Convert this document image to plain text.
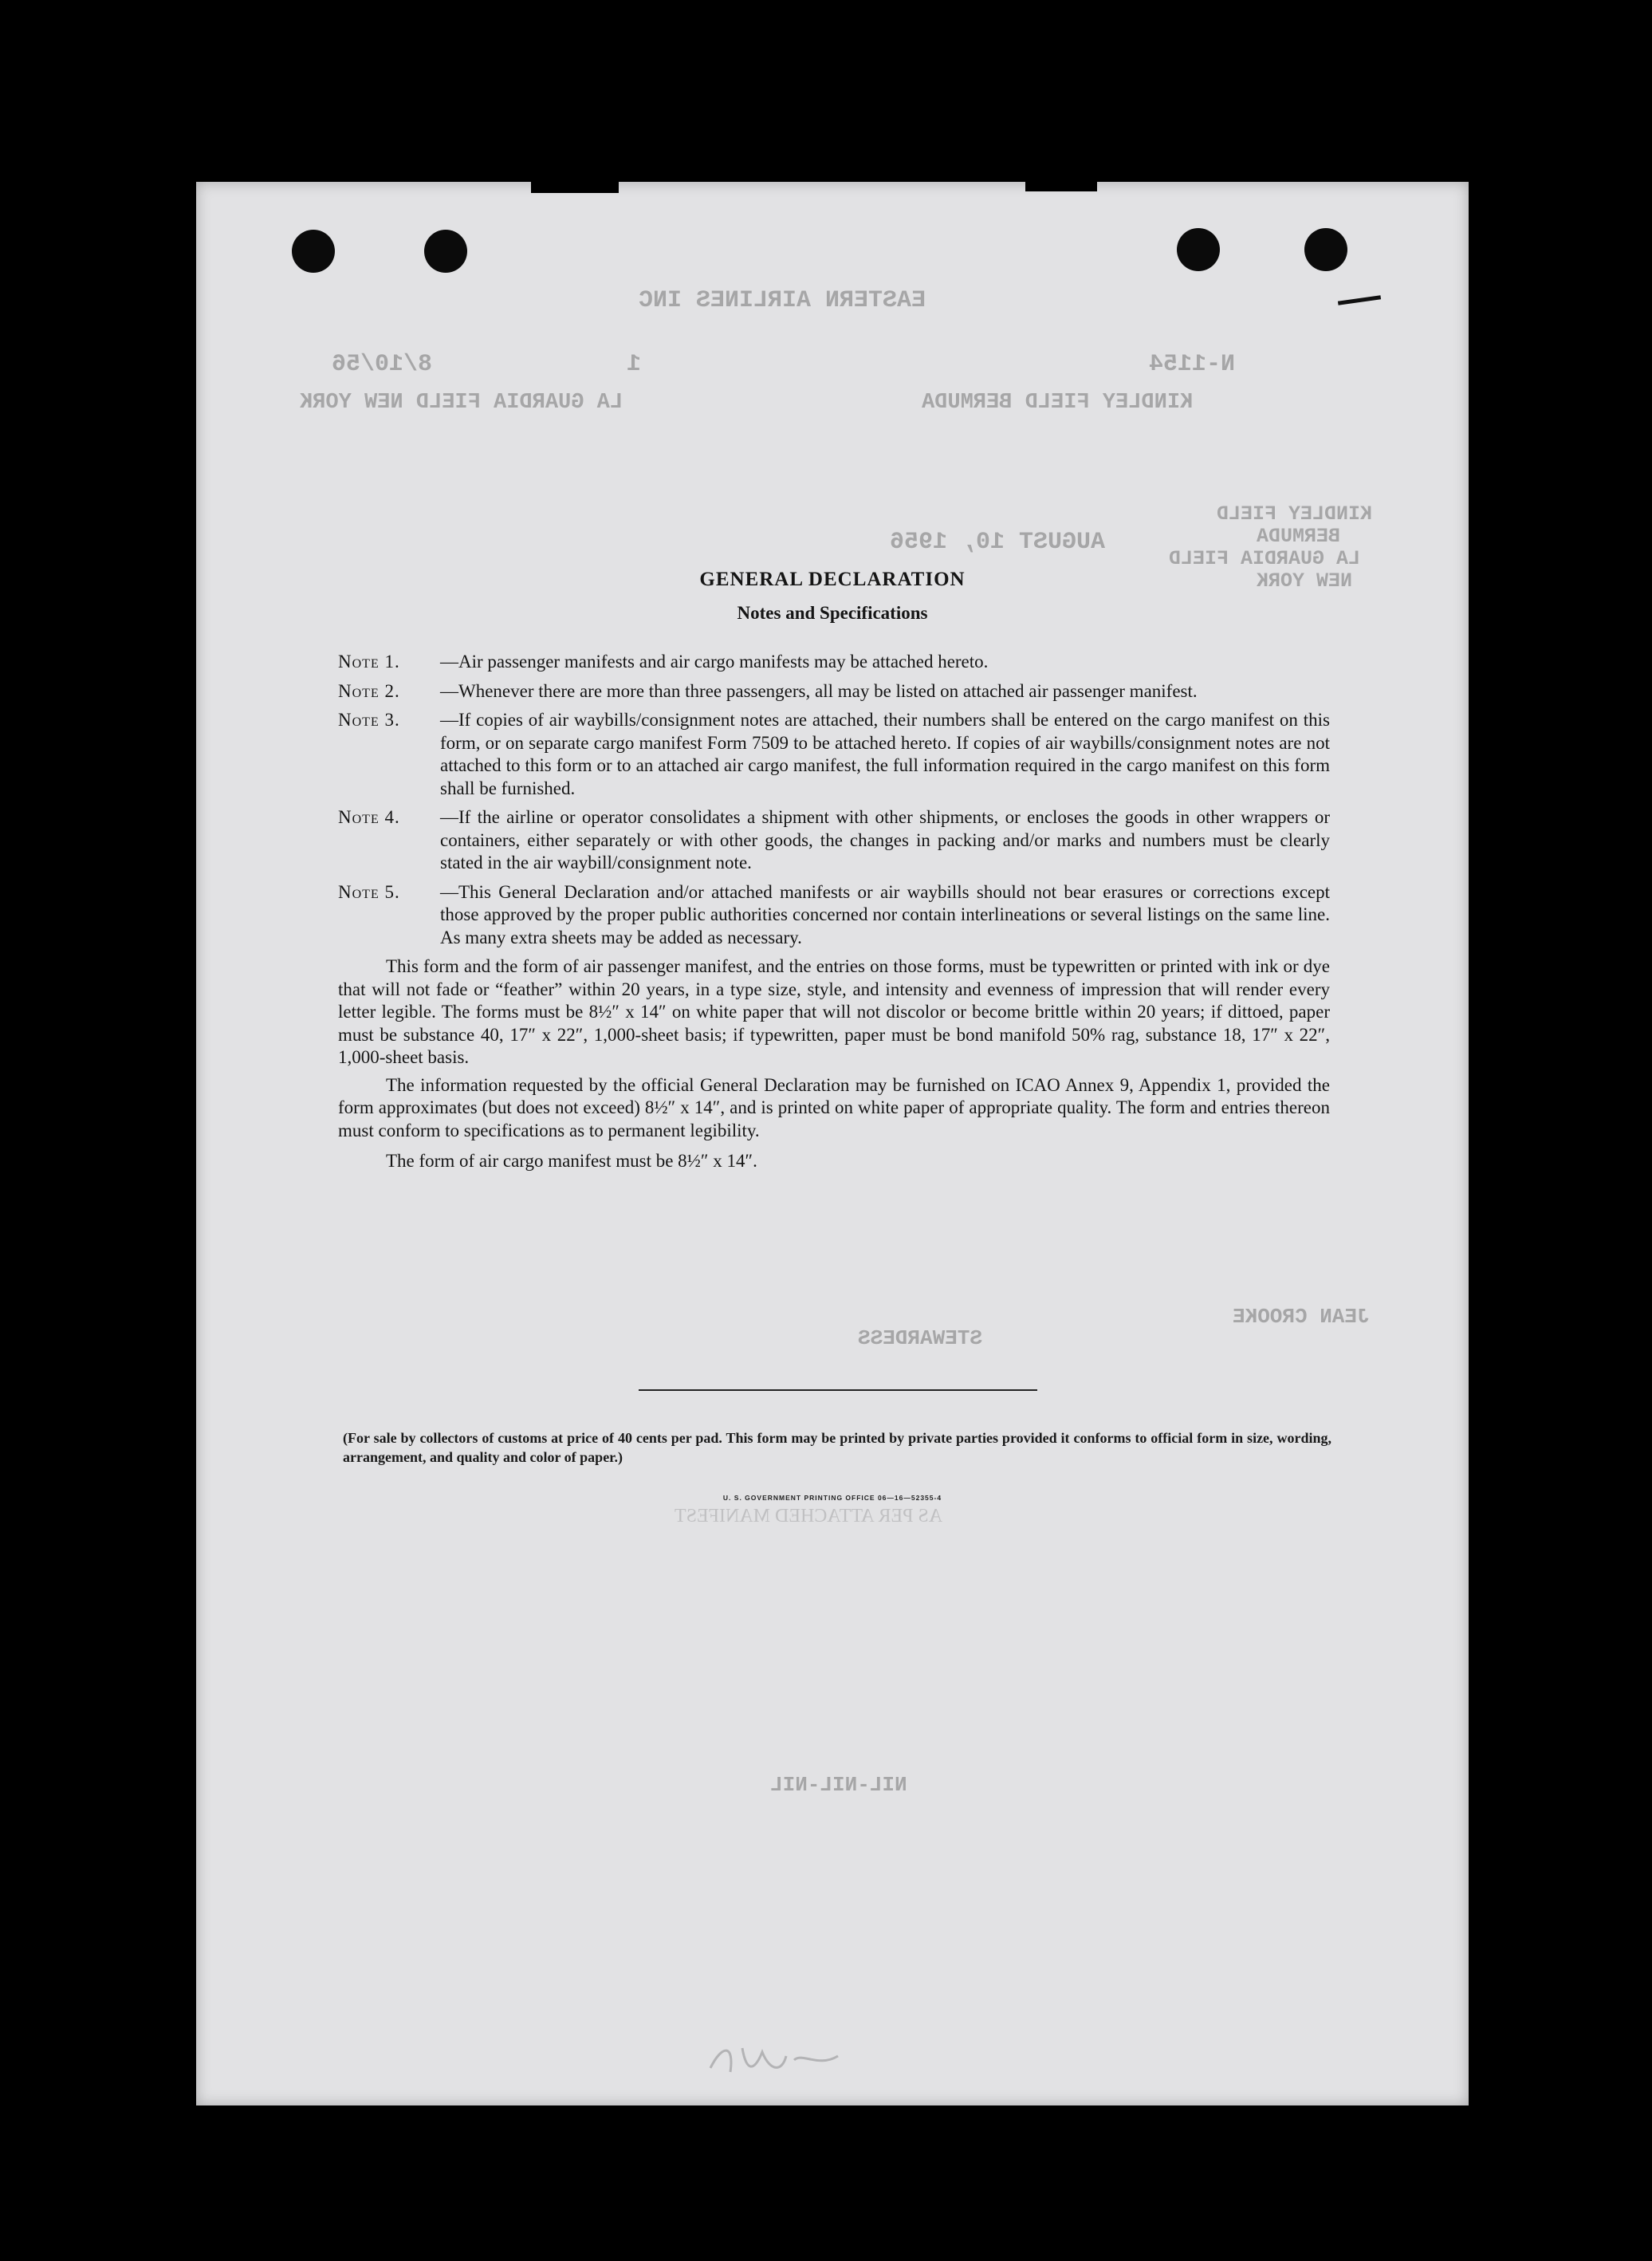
EASTERN AIRLINES INC
8/10/56	1	N-1154
LA GUARDIA FIELD NEW YORK	KINDLEY FIELD BERMUDA
AUGUST 10, 1956
KINDLEY FIELD
BERMUDA
LA GUARDIA FIELD
NEW YORK
STEWARDESS
JEAN CROOKE
AS PER ATTACHED MANIFEST
NIL-NIL-NIL
GENERAL DECLARATION
Notes and Specifications
Note 1.	—Air passenger manifests and air cargo manifests may be attached hereto.
Note 2.	—Whenever there are more than three passengers, all may be listed on attached air passenger manifest.
Note 3.	—If copies of air waybills/consignment notes are attached, their numbers shall be entered on the cargo manifest on this form, or on separate cargo manifest Form 7509 to be attached hereto. If copies of air waybills/consignment notes are not attached to this form or to an attached air cargo manifest, the full information required in the cargo manifest on this form shall be furnished.
Note 4.	—If the airline or operator consolidates a shipment with other shipments, or encloses the goods in other wrappers or containers, either separately or with other goods, the changes in packing and/or marks and numbers must be clearly stated in the air waybill/consignment note.
Note 5.	—This General Declaration and/or attached manifests or air waybills should not bear erasures or corrections except those approved by the proper public authorities concerned nor contain interlineations or several listings on the same line. As many extra sheets may be added as necessary.
This form and the form of air passenger manifest, and the entries on those forms, must be typewritten or printed with ink or dye that will not fade or “feather” within 20 years, in a type size, style, and intensity and evenness of impression that will render every letter legible. The forms must be 8½″ x 14″ on white paper that will not discolor or become brittle within 20 years; if dittoed, paper must be substance 40, 17″ x 22″, 1,000-sheet basis; if typewritten, paper must be bond manifold 50% rag, substance 18, 17″ x 22″, 1,000-sheet basis.
The information requested by the official General Declaration may be furnished on ICAO Annex 9, Appendix 1, provided the form approximates (but does not exceed) 8½″ x 14″, and is printed on white paper of appropriate quality. The form and entries thereon must conform to specifications as to permanent legibility.
The form of air cargo manifest must be 8½″ x 14″.
(For sale by collectors of customs at price of 40 cents per pad. This form may be printed by private parties provided it conforms to official form in size, wording, arrangement, and quality and color of paper.)
U. S. GOVERNMENT PRINTING OFFICE 06—16—52355-4
